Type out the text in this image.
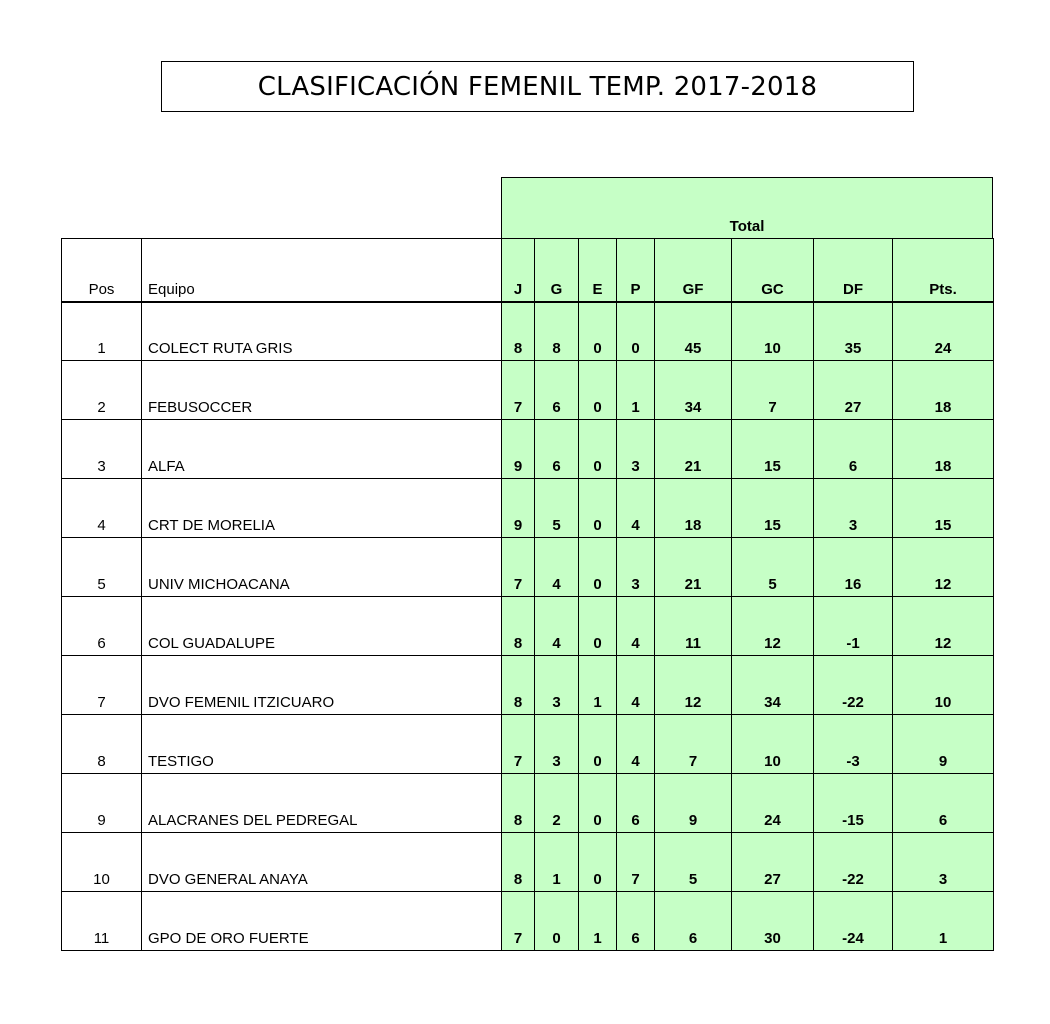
CLASIFICACIÓN FEMENIL TEMP. 2017-2018
Total
Pos	Equipo	J	G	E	P	GF	GC	DF	Pts.
1	COLECT RUTA GRIS	8	8	0	0	45	10	35	24
2	FEBUSOCCER	7	6	0	1	34	7	27	18
3	ALFA	9	6	0	3	21	15	6	18
4	CRT DE MORELIA	9	5	0	4	18	15	3	15
5	UNIV MICHOACANA	7	4	0	3	21	5	16	12
6	COL GUADALUPE	8	4	0	4	11	12	-1	12
7	DVO FEMENIL ITZICUARO	8	3	1	4	12	34	-22	10
8	TESTIGO	7	3	0	4	7	10	-3	9
9	ALACRANES DEL PEDREGAL	8	2	0	6	9	24	-15	6
10	DVO GENERAL ANAYA	8	1	0	7	5	27	-22	3
11	GPO DE ORO FUERTE	7	0	1	6	6	30	-24	1
